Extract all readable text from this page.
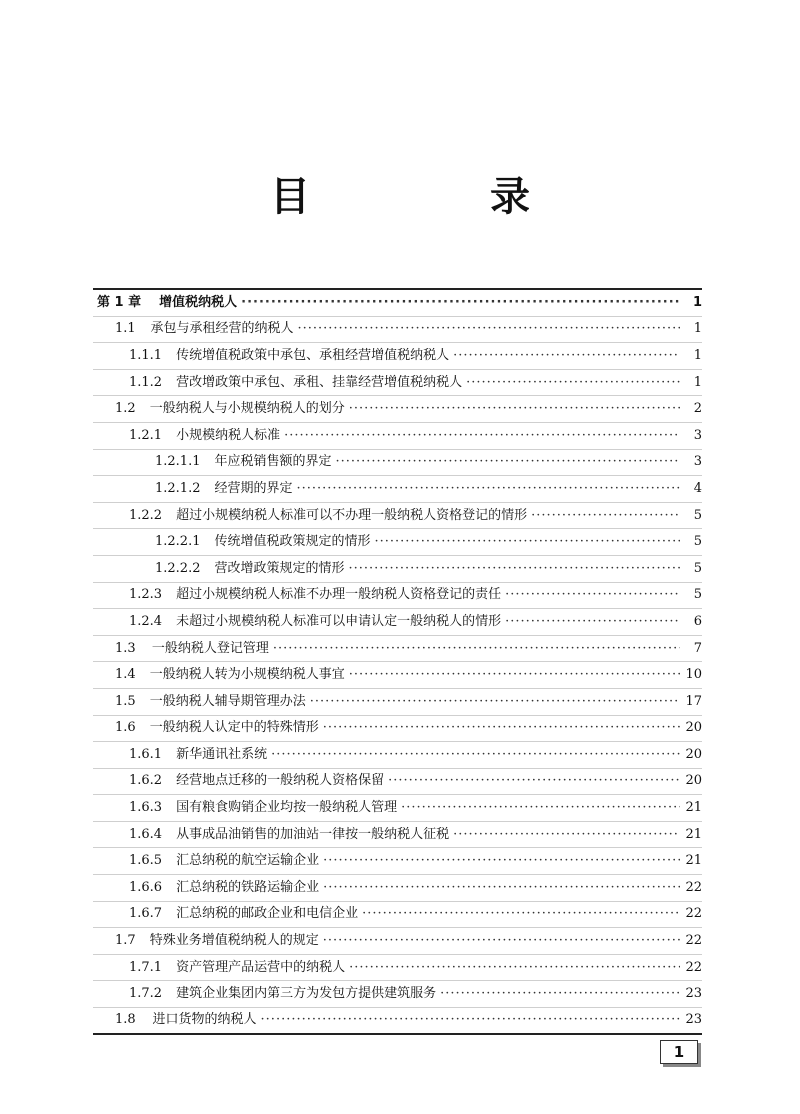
目　录
第 1 章 增值税纳税人 ·····	1
1.1 承包与承租经营的纳税人 ·····	1
1.1.1 传统增值税政策中承包、承租经营增值税纳税人 ·····	1
1.1.2 营改增政策中承包、承租、挂靠经营增值税纳税人 ·····	1
1.2 一般纳税人与小规模纳税人的划分 ·····	2
1.2.1 小规模纳税人标准 ·····	3
1.2.1.1 年应税销售额的界定 ·····	3
1.2.1.2 经营期的界定 ·····	4
1.2.2 超过小规模纳税人标准可以不办理一般纳税人资格登记的情形 ·····	5
1.2.2.1 传统增值税政策规定的情形 ·····	5
1.2.2.2 营改增政策规定的情形 ·····	5
1.2.3 超过小规模纳税人标准不办理一般纳税人资格登记的责任 ·····	5
1.2.4 未超过小规模纳税人标准可以申请认定一般纳税人的情形 ·····	6
1.3 一般纳税人登记管理 ·····	7
1.4 一般纳税人转为小规模纳税人事宜 ·····	10
1.5 一般纳税人辅导期管理办法 ·····	17
1.6 一般纳税人认定中的特殊情形 ·····	20
1.6.1 新华通讯社系统 ·····	20
1.6.2 经营地点迁移的一般纳税人资格保留 ·····	20
1.6.3 国有粮食购销企业均按一般纳税人管理 ·····	21
1.6.4 从事成品油销售的加油站一律按一般纳税人征税 ·····	21
1.6.5 汇总纳税的航空运输企业 ·····	21
1.6.6 汇总纳税的铁路运输企业 ·····	22
1.6.7 汇总纳税的邮政企业和电信企业 ·····	22
1.7 特殊业务增值税纳税人的规定 ·····	22
1.7.1 资产管理产品运营中的纳税人 ·····	22
1.7.2 建筑企业集团内第三方为发包方提供建筑服务 ·····	23
1.8 进口货物的纳税人 ·····	23
1
